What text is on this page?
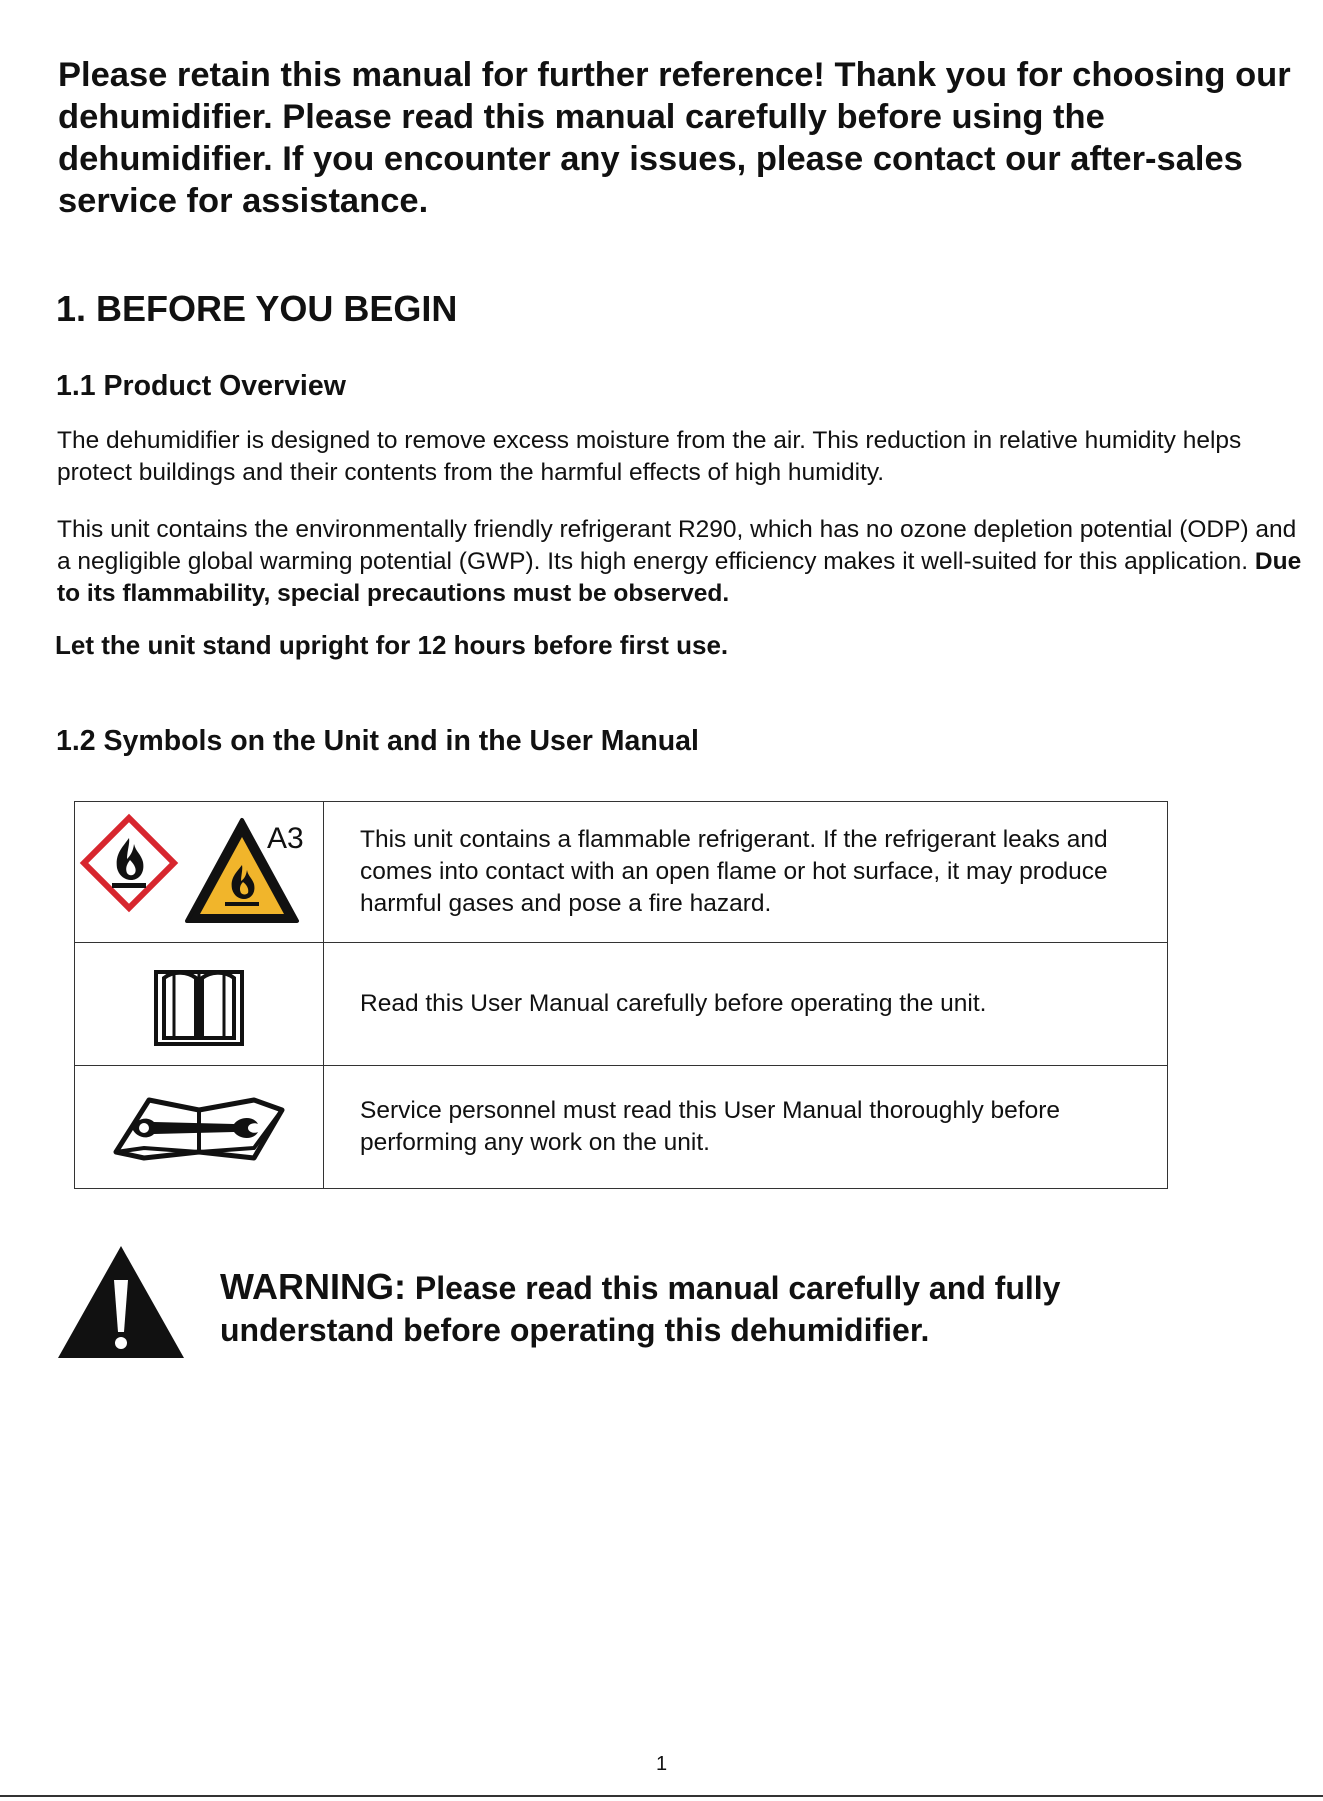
Please retain this manual for further reference! Thank you for choosing our dehumidifier. Please read this manual carefully before using the dehumidifier. If you encounter any issues, please contact our after-sales service for assistance.

1. BEFORE YOU BEGIN
1.1 Product Overview

The dehumidifier is designed to remove excess moisture from the air. This reduction in relative humidity helps protect buildings and their contents from the harmful effects of high humidity.

This unit contains the environmentally friendly refrigerant R290, which has no ozone depletion potential (ODP) and a negligible global warming potential (GWP). Its high energy efficiency makes it well-suited for this application. Due to its flammability, special precautions must be observed.

Let the unit stand upright for 12 hours before first use.

1.2 Symbols on the Unit and in the User Manual
A3	This unit contains a flammable refrigerant. If the refrigerant leaks and comes into contact with an open flame or hot surface, it may produce harmful gases and pose a fire hazard.
	Read this User Manual carefully before operating the unit.
	Service personnel must read this User Manual thoroughly before performing any work on the unit.

WARNING: Please read this manual carefully and fully understand before operating this dehumidifier.

1
